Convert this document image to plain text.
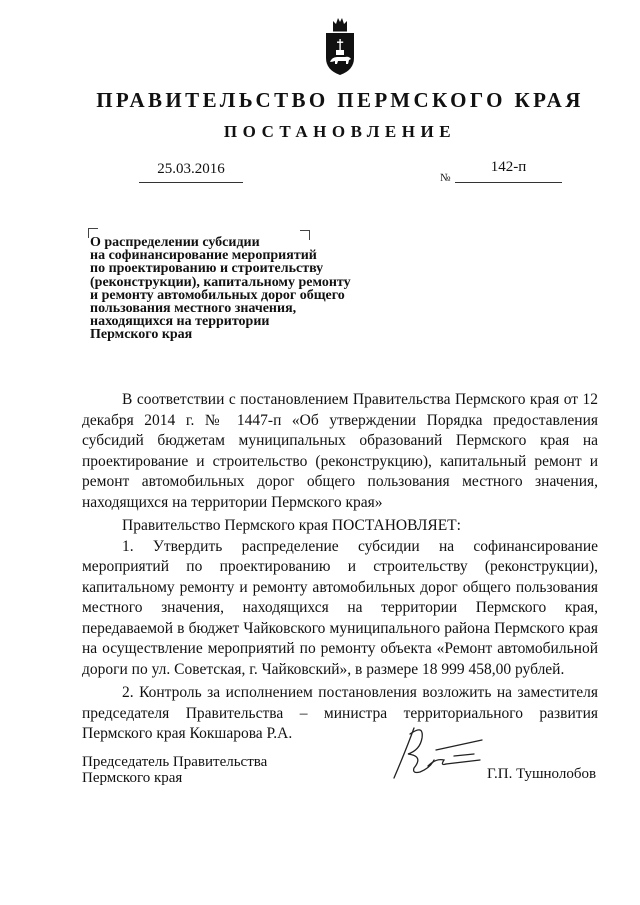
ПРАВИТЕЛЬСТВО ПЕРМСКОГО КРАЯ
ПОСТАНОВЛЕНИЕ
25.03.2016
№
142-п
О распределении субсидии
на софинансирование мероприятий
по проектированию и строительству
(реконструкции), капитальному ремонту
и ремонту автомобильных дорог общего
пользования местного значения,
находящихся на территории
Пермского края

В соответствии с постановлением Правительства Пермского края от 12 декабря 2014 г. № 1447-п «Об утверждении Порядка предоставления субсидий бюджетам муниципальных образований Пермского края на проектирование и строительство (реконструкцию), капитальный ремонт и ремонт автомобильных дорог общего пользования местного значения, находящихся на территории Пермского края»

Правительство Пермского края ПОСТАНОВЛЯЕТ:

1. Утвердить распределение субсидии на софинансирование мероприятий по проектированию и строительству (реконструкции), капитальному ремонту и ремонту автомобильных дорог общего пользования местного значения, находящихся на территории Пермского края, передаваемой в бюджет Чайковского муниципального района Пермского края на осуществление мероприятий по ремонту объекта «Ремонт автомобильной дороги по ул. Советская, г. Чайковский», в размере 18 999 458,00 рублей.

2. Контроль за исполнением постановления возложить на заместителя председателя Правительства – министра территориального развития Пермского края Кокшарова Р.А.

Председатель Правительства
Пермского края	Г.П. Тушнолобов
